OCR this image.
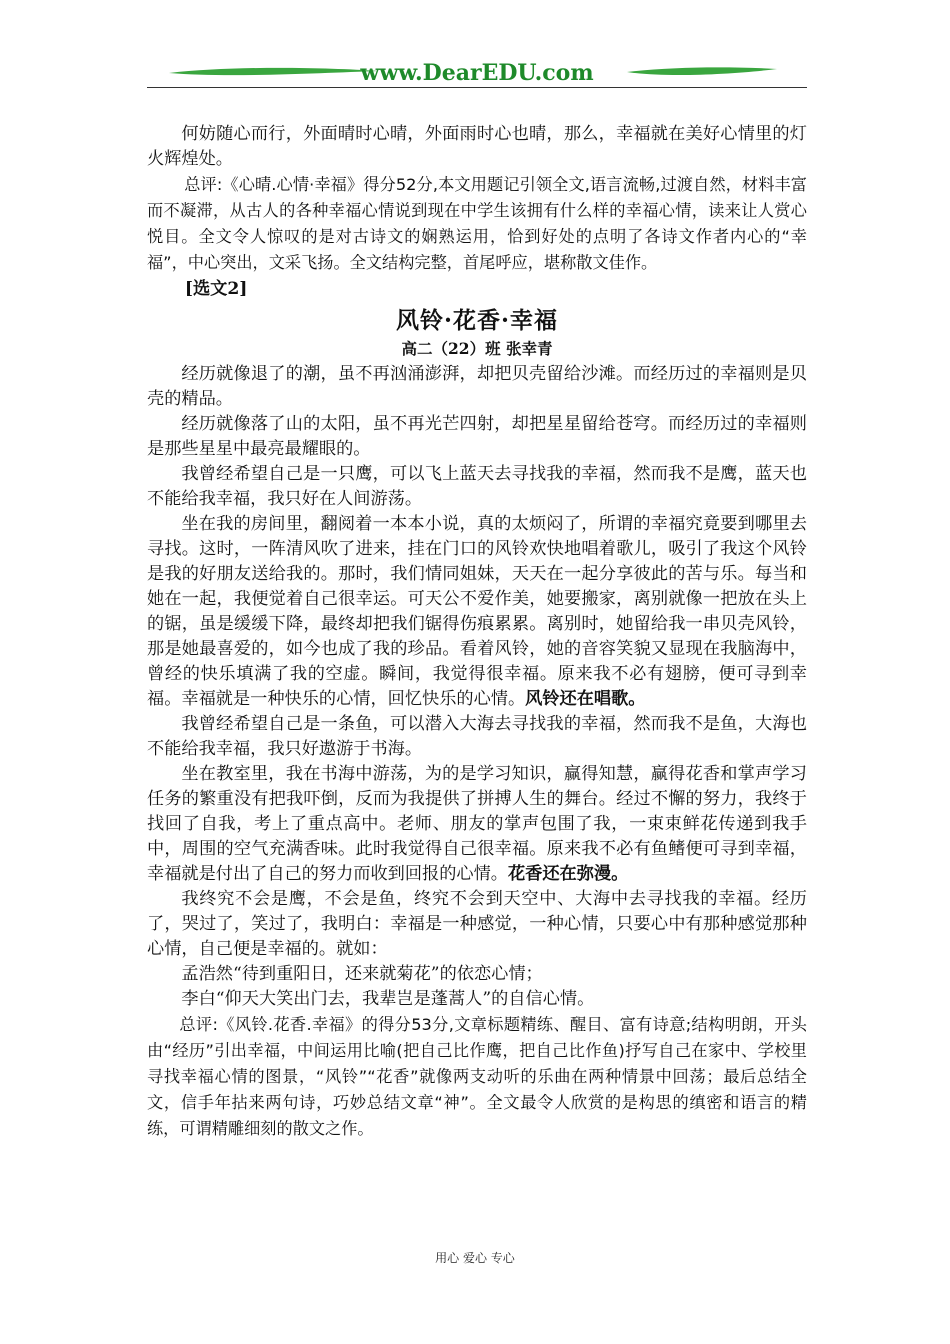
www.DearEDU.com

何妨随心而行，外面晴时心晴，外面雨时心也晴，那么，幸福就在美好心情里的灯火辉煌处。

总评:《心晴.心情·幸福》得分52分,本文用题记引领全文,语言流畅,过渡自然，材料丰富而不凝滞，从古人的各种幸福心情说到现在中学生该拥有什么样的幸福心情，读来让人赏心悦目。全文令人惊叹的是对古诗文的娴熟运用，恰到好处的点明了各诗文作者内心的“幸福”，中心突出，文采飞扬。全文结构完整，首尾呼应，堪称散文佳作。

[选文2]

风铃·花香·幸福

高二（22）班 张幸青

经历就像退了的潮，虽不再汹涌澎湃，却把贝壳留给沙滩。而经历过的幸福则是贝壳的精品。

经历就像落了山的太阳，虽不再光芒四射，却把星星留给苍穹。而经历过的幸福则是那些星星中最亮最耀眼的。

我曾经希望自己是一只鹰，可以飞上蓝天去寻找我的幸福，然而我不是鹰，蓝天也不能给我幸福，我只好在人间游荡。

坐在我的房间里，翻阅着一本本小说，真的太烦闷了，所谓的幸福究竟要到哪里去寻找。这时，一阵清风吹了进来，挂在门口的风铃欢快地唱着歌儿，吸引了我这个风铃是我的好朋友送给我的。那时，我们情同姐妹，天天在一起分享彼此的苦与乐。每当和她在一起，我便觉着自己很幸运。可天公不爱作美，她要搬家，离别就像一把放在头上的锯，虽是缓缓下降，最终却把我们锯得伤痕累累。离别时，她留给我一串贝壳风铃，那是她最喜爱的，如今也成了我的珍品。看着风铃，她的音容笑貌又显现在我脑海中，曾经的快乐填满了我的空虚。瞬间，我觉得很幸福。原来我不必有翅膀，便可寻到幸福。幸福就是一种快乐的心情，回忆快乐的心情。风铃还在唱歌。

我曾经希望自己是一条鱼，可以潜入大海去寻找我的幸福，然而我不是鱼，大海也不能给我幸福，我只好遨游于书海。

坐在教室里，我在书海中游荡，为的是学习知识，赢得知慧，赢得花香和掌声学习任务的繁重没有把我吓倒，反而为我提供了拼搏人生的舞台。经过不懈的努力，我终于找回了自我，考上了重点高中。老师、朋友的掌声包围了我，一束束鲜花传递到我手中，周围的空气充满香味。此时我觉得自己很幸福。原来我不必有鱼鳍便可寻到幸福，幸福就是付出了自己的努力而收到回报的心情。花香还在弥漫。

我终究不会是鹰，不会是鱼，终究不会到天空中、大海中去寻找我的幸福。经历了，哭过了，笑过了，我明白：幸福是一种感觉，一种心情，只要心中有那种感觉那种心情，自己便是幸福的。就如：

孟浩然“待到重阳日，还来就菊花”的依恋心情；

李白“仰天大笑出门去，我辈岂是蓬蒿人”的自信心情。

总评:《风铃.花香.幸福》的得分53分,文章标题精练、醒目、富有诗意;结构明朗，开头由“经历”引出幸福，中间运用比喻(把自己比作鹰，把自己比作鱼)抒写自己在家中、学校里寻找幸福心情的图景，“风铃”“花香”就像两支动听的乐曲在两种情景中回荡；最后总结全文，信手年拈来两句诗，巧妙总结文章“神”。全文最令人欣赏的是构思的缜密和语言的精练，可谓精雕细刻的散文之作。

用心 爱心 专心
